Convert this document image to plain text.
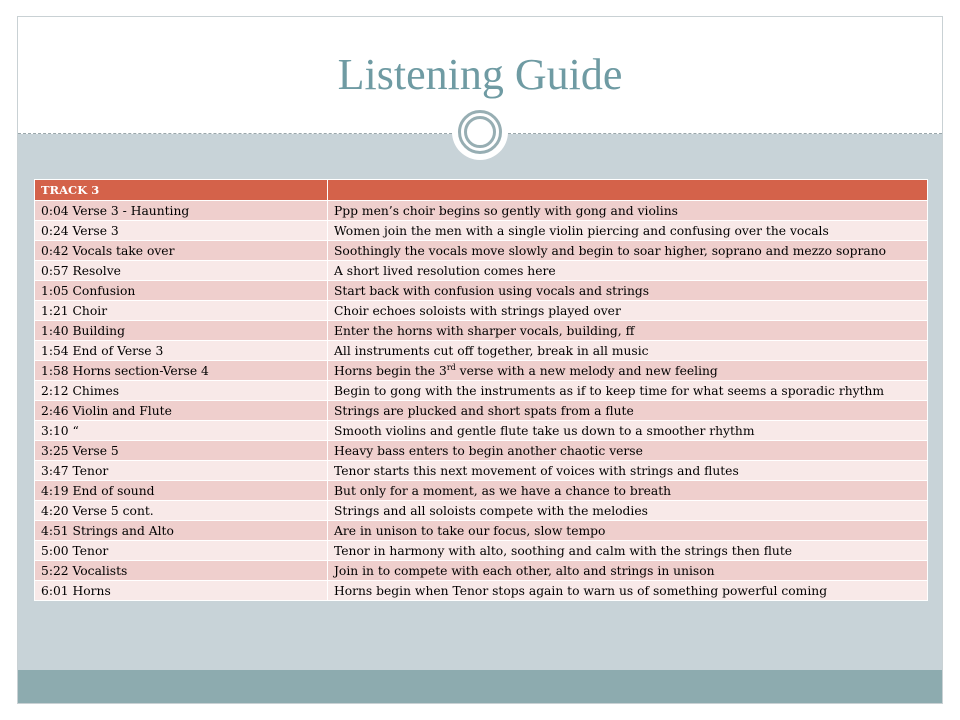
Listening Guide
TRACK 3	
0:04 Verse 3 - Haunting	Ppp men’s choir begins so gently with gong and violins
0:24 Verse 3	Women join the men with a single violin piercing and confusing over the vocals
0:42 Vocals take over	Soothingly the vocals move slowly and begin to soar higher, soprano and mezzo soprano
0:57 Resolve	A short lived resolution comes here
1:05 Confusion	Start back with confusion using vocals and strings
1:21 Choir	Choir echoes soloists with strings played over
1:40 Building	Enter the horns with sharper vocals, building, ff
1:54 End of Verse 3	All instruments cut off together, break in all music
1:58 Horns section-Verse 4	Horns begin the 3rd verse with a new melody and new feeling
2:12 Chimes	Begin to gong with the instruments as if to keep time for what seems a sporadic rhythm
2:46 Violin and Flute	Strings are plucked and short spats from a flute
3:10 “	Smooth violins and gentle flute take us down to a smoother rhythm
3:25 Verse 5	Heavy bass enters to begin another chaotic verse
3:47 Tenor	Tenor starts this next movement of voices with strings and flutes
4:19 End of sound	But only for a moment, as we have a chance to breath
4:20 Verse 5 cont.	Strings and all soloists compete with the melodies
4:51 Strings and Alto	Are in unison to take our focus, slow tempo
5:00 Tenor	Tenor in harmony with alto, soothing and calm with the strings then flute
5:22 Vocalists	Join in to compete with each other, alto and strings in unison
6:01 Horns	Horns begin when Tenor stops again to warn us of something powerful coming
